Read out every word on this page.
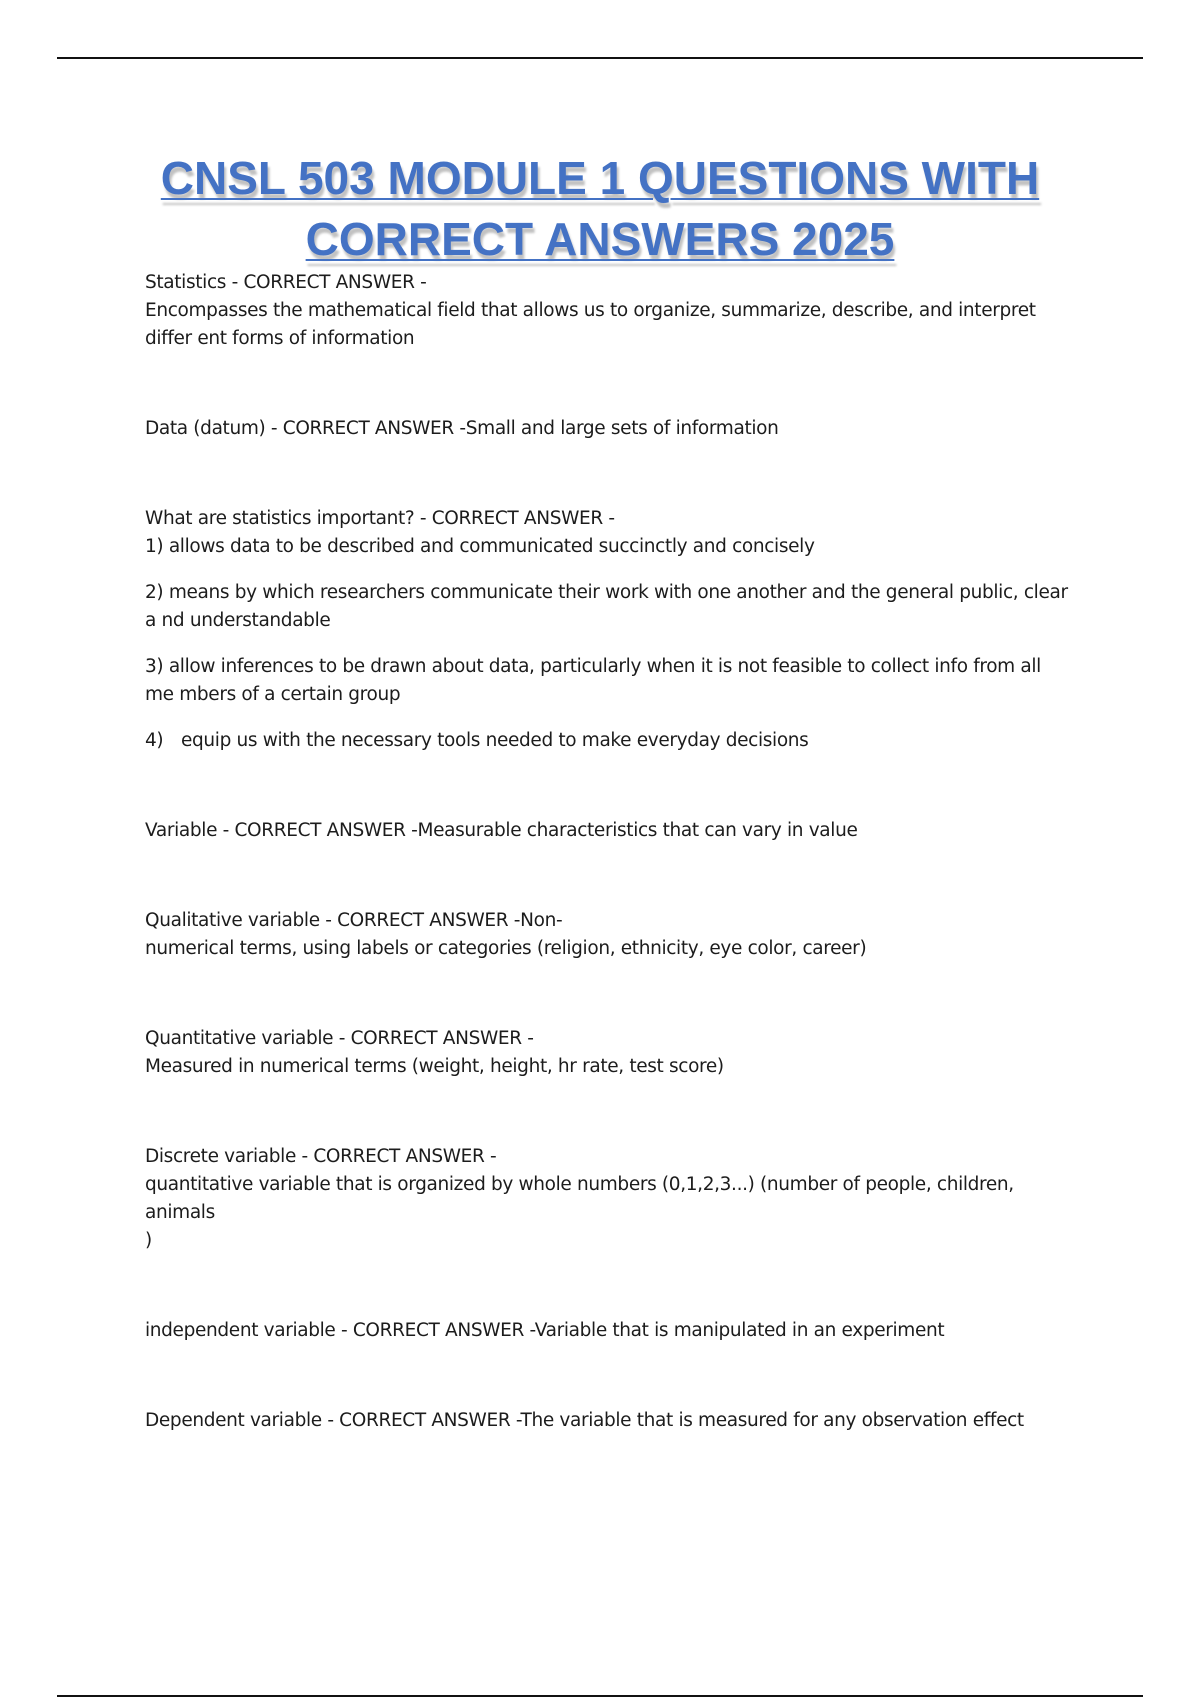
CNSL 503 MODULE 1 QUESTIONS WITH
CORRECT ANSWERS 2025

Statistics - CORRECT ANSWER -
Encompasses the mathematical field that allows us to organize, summarize, describe, and interpret
differ ent forms of information

Data (datum) - CORRECT ANSWER -Small and large sets of information

What are statistics important? - CORRECT ANSWER -
1) allows data to be described and communicated succinctly and concisely
2) means by which researchers communicate their work with one another and the general public, clear
a nd understandable
3) allow inferences to be drawn about data, particularly when it is not feasible to collect info from all
me mbers of a certain group
4) equip us with the necessary tools needed to make everyday decisions

Variable - CORRECT ANSWER -Measurable characteristics that can vary in value

Qualitative variable - CORRECT ANSWER -Non-
numerical terms, using labels or categories (religion, ethnicity, eye color, career)

Quantitative variable - CORRECT ANSWER -
Measured in numerical terms (weight, height, hr rate, test score)

Discrete variable - CORRECT ANSWER -
quantitative variable that is organized by whole numbers (0,1,2,3...) (number of people, children,
animals
)

independent variable - CORRECT ANSWER -Variable that is manipulated in an experiment

Dependent variable - CORRECT ANSWER -The variable that is measured for any observation effect
